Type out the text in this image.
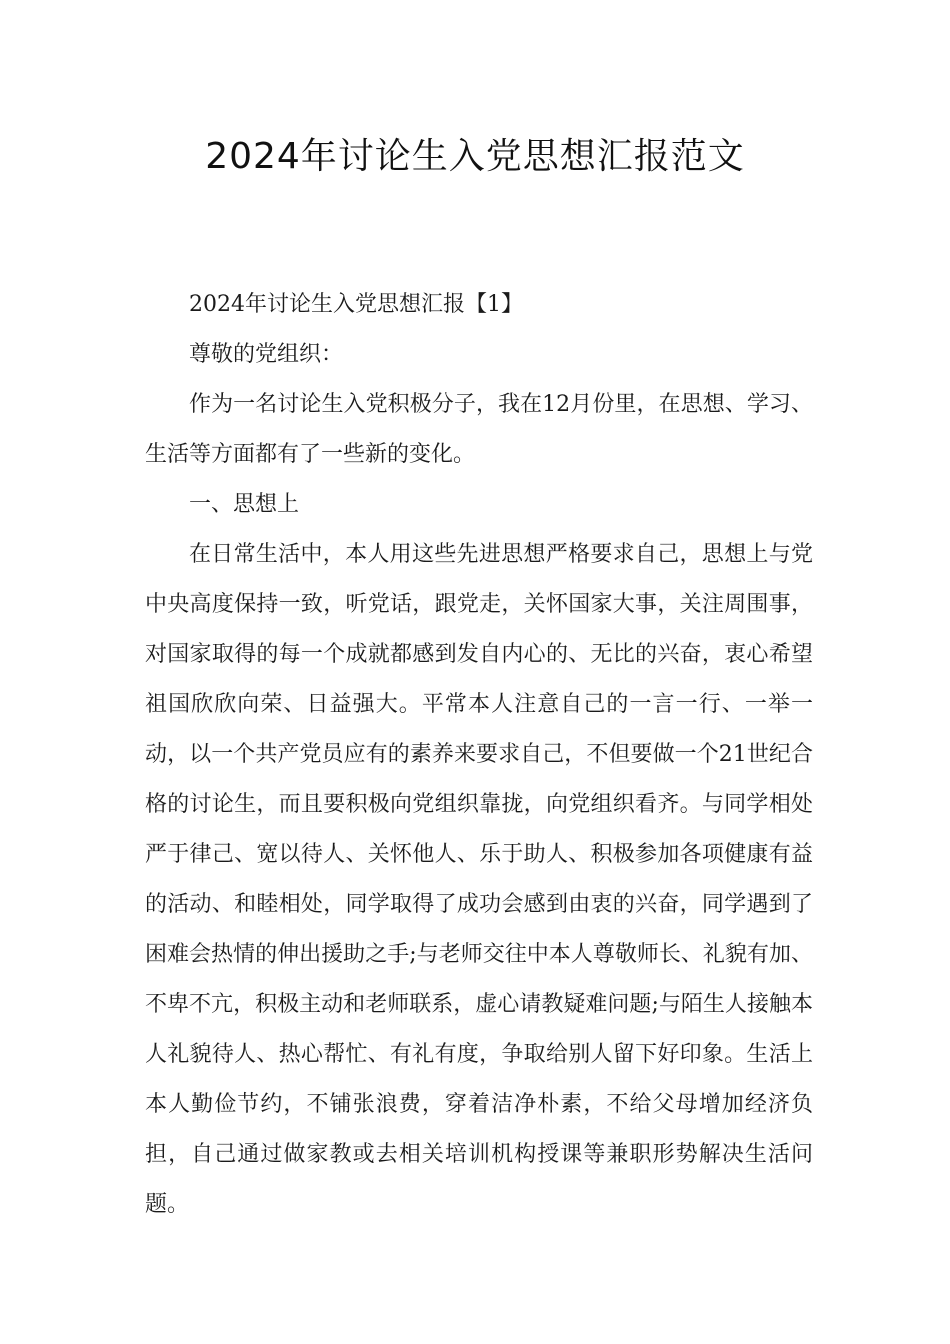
2024年讨论生入党思想汇报范文

2024年讨论生入党思想汇报【1】

尊敬的党组织：

作为一名讨论生入党积极分子，我在12月份里，在思想、学习、生活等方面都有了一些新的变化。

一、思想上

在日常生活中，本人用这些先进思想严格要求自己，思想上与党中央高度保持一致，听党话，跟党走，关怀国家大事，关注周围事，对国家取得的每一个成就都感到发自内心的、无比的兴奋，衷心希望祖国欣欣向荣、日益强大。平常本人注意自己的一言一行、一举一动，以一个共产党员应有的素养来要求自己，不但要做一个21世纪合格的讨论生，而且要积极向党组织靠拢，向党组织看齐。与同学相处严于律己、宽以待人、关怀他人、乐于助人、积极参加各项健康有益的活动、和睦相处，同学取得了成功会感到由衷的兴奋，同学遇到了困难会热情的伸出援助之手;与老师交往中本人尊敬师长、礼貌有加、不卑不亢，积极主动和老师联系，虚心请教疑难问题;与陌生人接触本人礼貌待人、热心帮忙、有礼有度，争取给别人留下好印象。生活上本人勤俭节约，不铺张浪费，穿着洁净朴素，不给父母增加经济负担，自己通过做家教或去相关培训机构授课等兼职形势解决生活问题。
